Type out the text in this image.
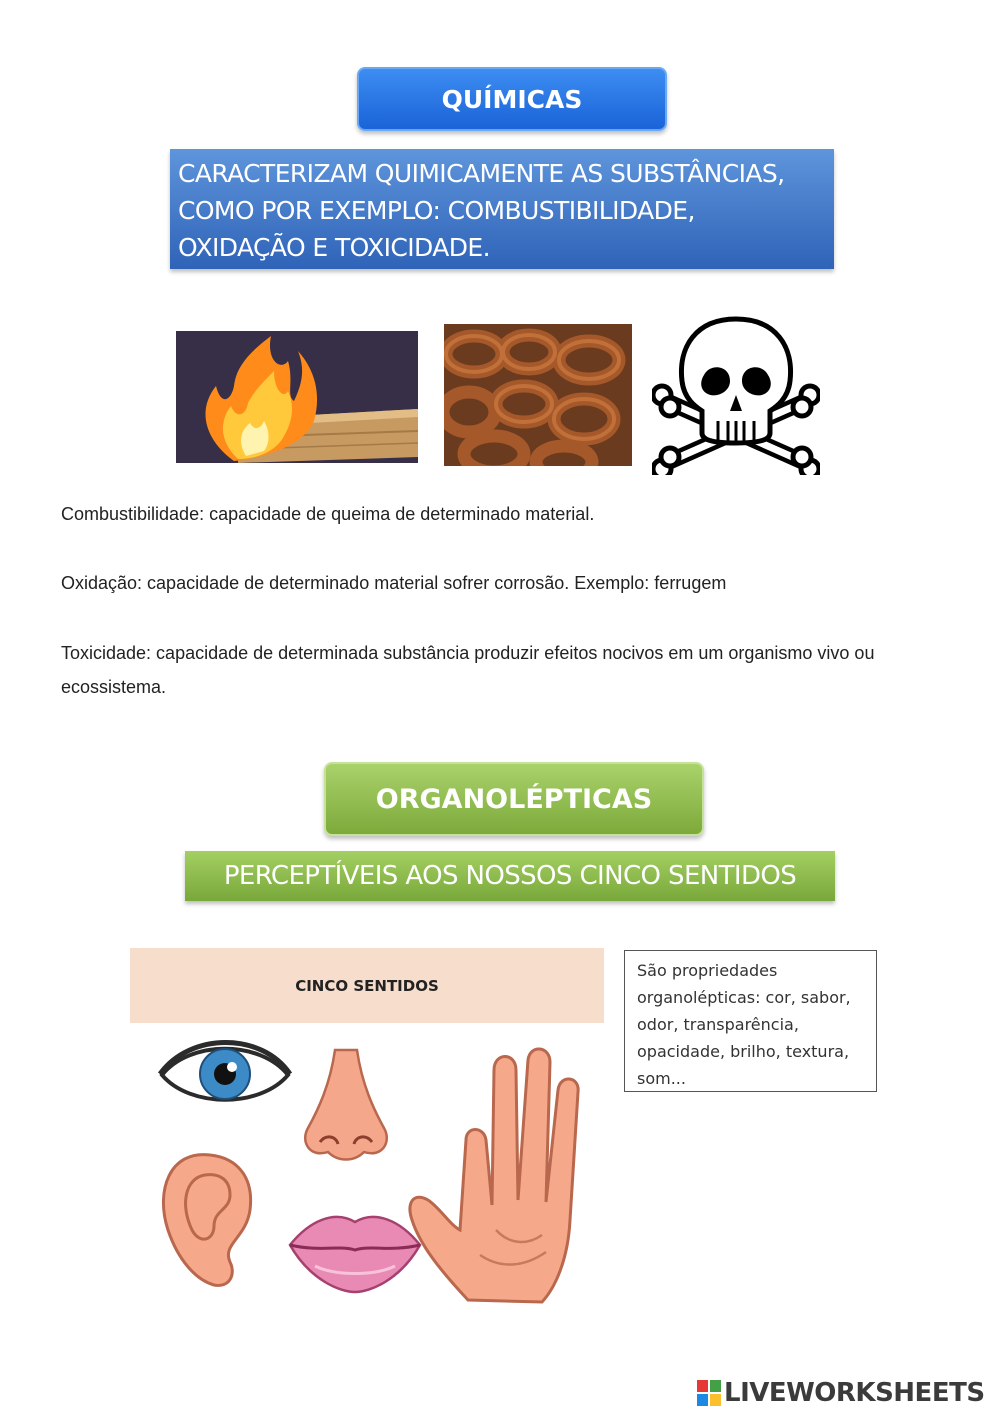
QUÍMICAS
CARACTERIZAM QUIMICAMENTE AS SUBSTÂNCIAS, COMO POR EXEMPLO: COMBUSTIBILIDADE, OXIDAÇÃO E TOXICIDADE.
Combustibilidade: capacidade de queima de determinado material.
Oxidação: capacidade de determinado material sofrer corrosão. Exemplo: ferrugem
Toxicidade: capacidade de determinada substância produzir efeitos nocivos em um organismo vivo ou ecossistema.
ORGANOLÉPTICAS
PERCEPTÍVEIS AOS NOSSOS CINCO SENTIDOS
CINCO SENTIDOS
São propriedades organolépticas: cor, sabor, odor, transparência, opacidade, brilho, textura, som...
LIVEWORKSHEETS
